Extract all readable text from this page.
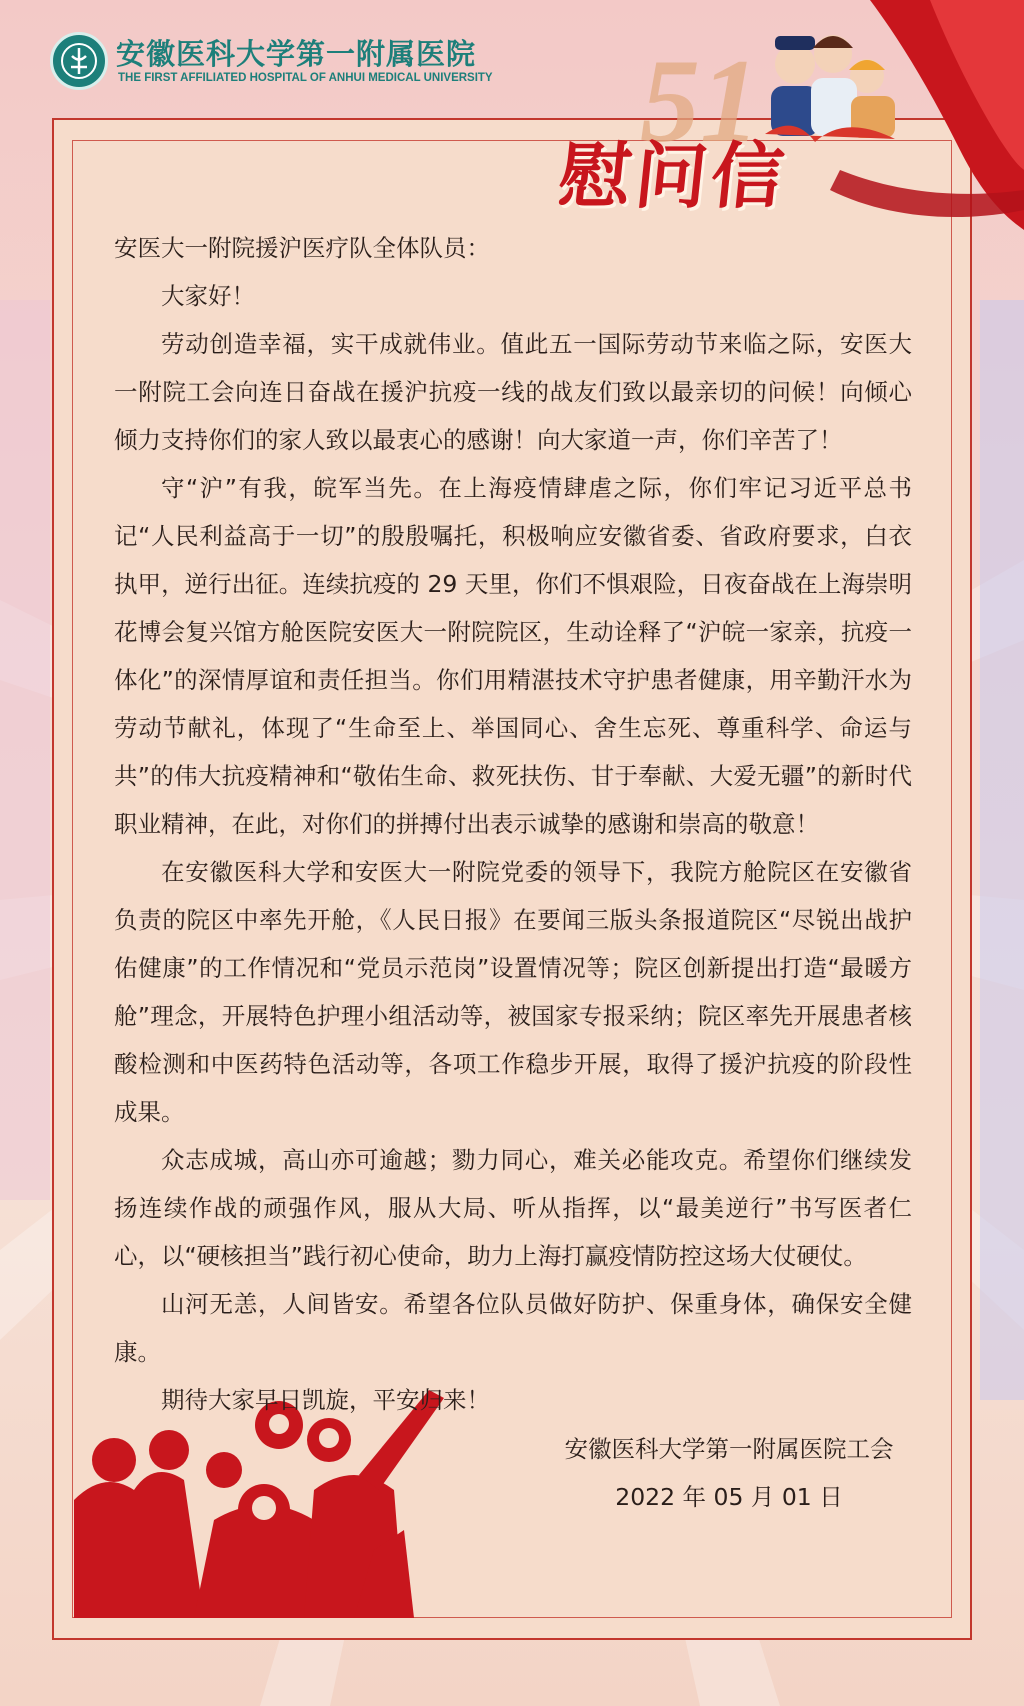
安徽医科大学第一附属医院
THE FIRST AFFILIATED HOSPITAL OF ANHUI MEDICAL UNIVERSITY 51
慰问信

安医大一附院援沪医疗队全体队员：

大家好！

劳动创造幸福，实干成就伟业。值此五一国际劳动节来临之际，安医大一附院工会向连日奋战在援沪抗疫一线的战友们致以最亲切的问候！向倾心倾力支持你们的家人致以最衷心的感谢！向大家道一声，你们辛苦了！

守“沪”有我，皖军当先。在上海疫情肆虐之际，你们牢记习近平总书记“人民利益高于一切”的殷殷嘱托，积极响应安徽省委、省政府要求，白衣执甲，逆行出征。连续抗疫的 29 天里，你们不惧艰险，日夜奋战在上海崇明花博会复兴馆方舱医院安医大一附院院区，生动诠释了“沪皖一家亲，抗疫一体化”的深情厚谊和责任担当。你们用精湛技术守护患者健康，用辛勤汗水为劳动节献礼，体现了“生命至上、举国同心、舍生忘死、尊重科学、命运与共”的伟大抗疫精神和“敬佑生命、救死扶伤、甘于奉献、大爱无疆”的新时代职业精神，在此，对你们的拼搏付出表示诚挚的感谢和崇高的敬意！

在安徽医科大学和安医大一附院党委的领导下，我院方舱院区在安徽省负责的院区中率先开舱，《人民日报》在要闻三版头条报道院区“尽锐出战护佑健康”的工作情况和“党员示范岗”设置情况等；院区创新提出打造“最暖方舱”理念，开展特色护理小组活动等，被国家专报采纳；院区率先开展患者核酸检测和中医药特色活动等，各项工作稳步开展，取得了援沪抗疫的阶段性成果。

众志成城，高山亦可逾越；勠力同心，难关必能攻克。希望你们继续发扬连续作战的顽强作风，服从大局、听从指挥，以“最美逆行”书写医者仁心，以“硬核担当”践行初心使命，助力上海打赢疫情防控这场大仗硬仗。

山河无恙，人间皆安。希望各位队员做好防护、保重身体，确保安全健康。

期待大家早日凯旋，平安归来！

安徽医科大学第一附属医院工会
2022 年 05 月 01 日
